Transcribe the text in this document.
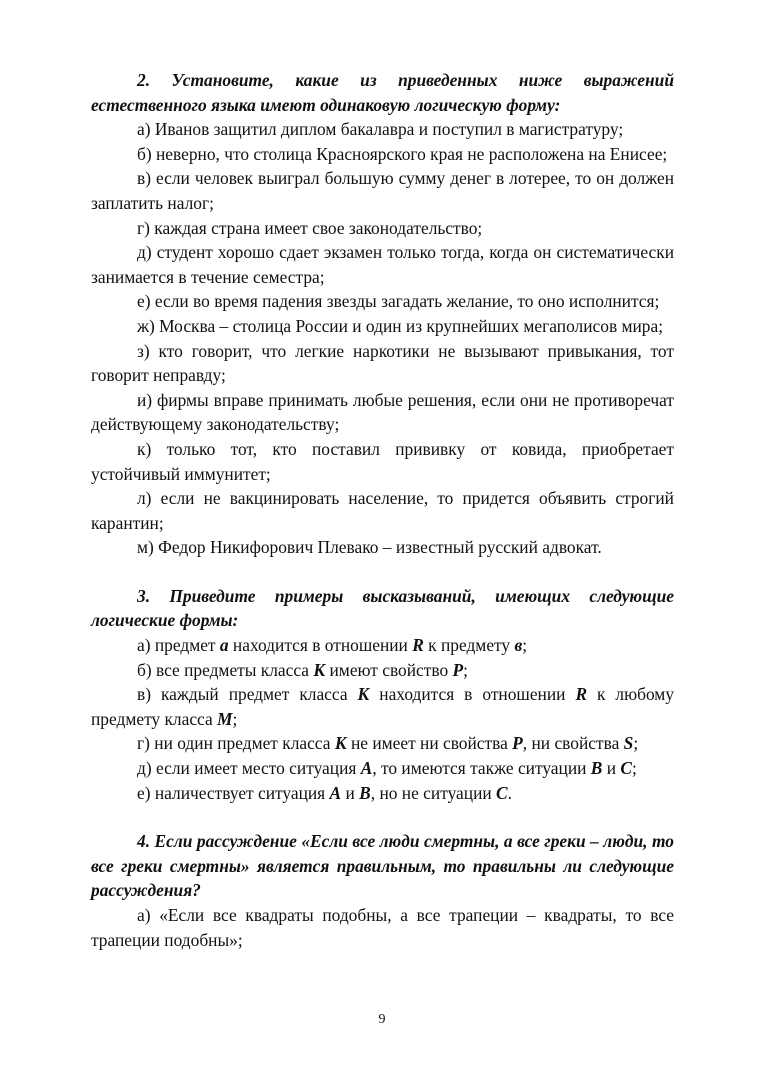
2. Установите, какие из приведенных ниже выражений естественного языка имеют одинаковую логическую форму:

а) Иванов защитил диплом бакалавра и поступил в магистратуру;

б) неверно, что столица Красноярского края не расположена на Енисее;

в) если человек выиграл большую сумму денег в лотерее, то он должен заплатить налог;

г) каждая страна имеет свое законодательство;

д) студент хорошо сдает экзамен только тогда, когда он систематически занимается в течение семестра;

е) если во время падения звезды загадать желание, то оно исполнится;

ж) Москва – столица России и один из крупнейших мегаполисов мира;

з) кто говорит, что легкие наркотики не вызывают привыкания, тот говорит неправду;

и) фирмы вправе принимать любые решения, если они не противоречат действующему законодательству;

к) только тот, кто поставил прививку от ковида, приобретает устойчивый иммунитет;

л) если не вакцинировать население, то придется объявить строгий карантин;

м) Федор Никифорович Плевако – известный русский адвокат.

3. Приведите примеры высказываний, имеющих следующие логические формы:

а) предмет а находится в отношении R к предмету в;

б) все предметы класса К имеют свойство Р;

в) каждый предмет класса К находится в отношении R к любому предмету класса М;

г) ни один предмет класса К не имеет ни свойства Р, ни свойства S;

д) если имеет место ситуация А, то имеются также ситуации В и С;

е) наличествует ситуация А и В, но не ситуации С.

4. Если рассуждение «Если все люди смертны, а все греки – люди, то все греки смертны» является правильным, то правильны ли следующие рассуждения?

а) «Если все квадраты подобны, а все трапеции – квадраты, то все трапеции подобны»;

9
